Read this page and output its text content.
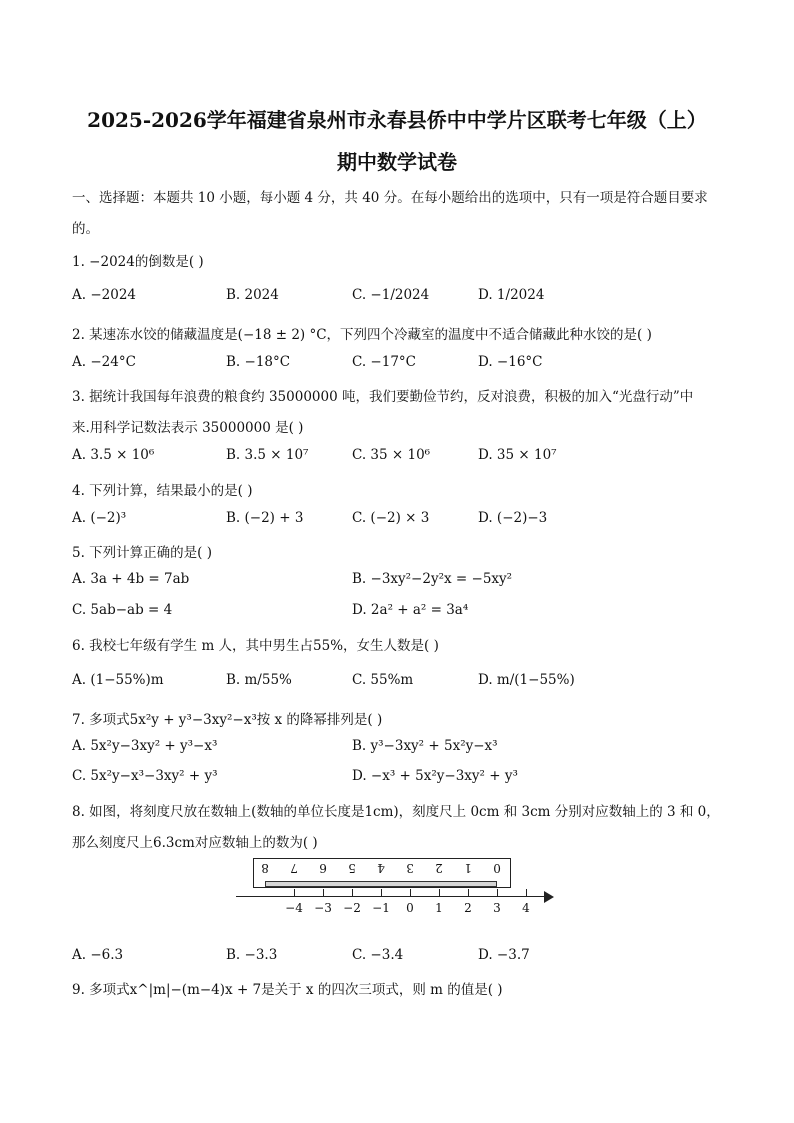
2025-2026学年福建省泉州市永春县侨中中学片区联考七年级（上）
期中数学试卷
一、选择题：本题共 10 小题，每小题 4 分，共 40 分。在每小题给出的选项中，只有一项是符合题目要求
的。
1. −2024的倒数是( )
A. −2024	B. 2024	C. −1/2024	D. 1/2024
2. 某速冻水饺的储藏温度是(−18 ± 2) °C，下列四个冷藏室的温度中不适合储藏此种水饺的是( )
A. −24°C	B. −18°C	C. −17°C	D. −16°C
3. 据统计我国每年浪费的粮食约 35000000 吨，我们要勤俭节约，反对浪费，积极的加入“光盘行动”中
来.用科学记数法表示 35000000 是( )
A. 3.5 × 10⁶	B. 3.5 × 10⁷	C. 35 × 10⁶	D. 35 × 10⁷
4. 下列计算，结果最小的是( )
A. (−2)³	B. (−2) + 3	C. (−2) × 3	D. (−2)−3
5. 下列计算正确的是( )
A. 3a + 4b = 7ab	B. −3xy²−2y²x = −5xy²
C. 5ab−ab = 4	D. 2a² + a² = 3a⁴
6. 我校七年级有学生 m 人，其中男生占55%，女生人数是( )
A. (1−55%)m	B. m/55%	C. 55%m	D. m/(1−55%)
7. 多项式5x²y + y³−3xy²−x³按 x 的降幂排列是( )
A. 5x²y−3xy² + y³−x³	B. y³−3xy² + 5x²y−x³
C. 5x²y−x³−3xy² + y³	D. −x³ + 5x²y−3xy² + y³
8. 如图，将刻度尺放在数轴上(数轴的单位长度是1cm)，刻度尺上 0cm 和 3cm 分别对应数轴上的 3 和 0，
那么刻度尺上6.3cm对应数轴上的数为( )
8 7 6 5 4 3 2 1 0
−4 −3 −2 −1	0	1	2	3	4
A. −6.3	B. −3.3	C. −3.4	D. −3.7
9. 多项式x^|m|−(m−4)x + 7是关于 x 的四次三项式，则 m 的值是( )
